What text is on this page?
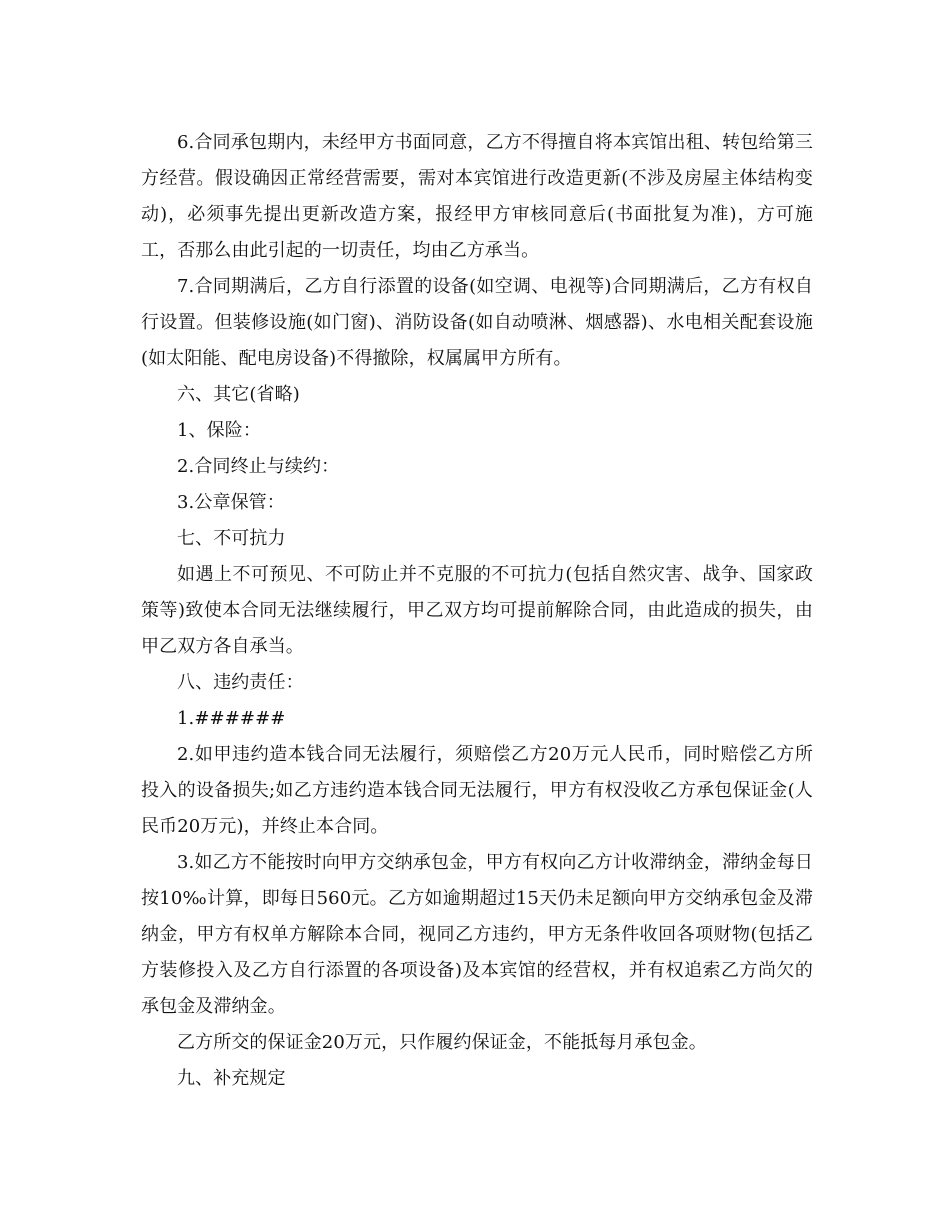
6.合同承包期内，未经甲方书面同意，乙方不得擅自将本宾馆出租、转包给第三方经营。假设确因正常经营需要，需对本宾馆进行改造更新(不涉及房屋主体结构变动)，必须事先提出更新改造方案，报经甲方审核同意后(书面批复为准)，方可施工，否那么由此引起的一切责任，均由乙方承当。

7.合同期满后，乙方自行添置的设备(如空调、电视等)合同期满后，乙方有权自行设置。但装修设施(如门窗)、消防设备(如自动喷淋、烟感器)、水电相关配套设施(如太阳能、配电房设备)不得撤除，权属属甲方所有。

六、其它(省略)

1、保险：

2.合同终止与续约：

3.公章保管：

七、不可抗力

如遇上不可预见、不可防止并不克服的不可抗力(包括自然灾害、战争、国家政策等)致使本合同无法继续履行，甲乙双方均可提前解除合同，由此造成的损失，由甲乙双方各自承当。

八、违约责任：

1.######

2.如甲违约造本钱合同无法履行，须赔偿乙方20万元人民币，同时赔偿乙方所投入的设备损失;如乙方违约造本钱合同无法履行，甲方有权没收乙方承包保证金(人民币20万元)，并终止本合同。

3.如乙方不能按时向甲方交纳承包金，甲方有权向乙方计收滞纳金，滞纳金每日按10‰计算，即每日560元。乙方如逾期超过15天仍未足额向甲方交纳承包金及滞纳金，甲方有权单方解除本合同，视同乙方违约，甲方无条件收回各项财物(包括乙方装修投入及乙方自行添置的各项设备)及本宾馆的经营权，并有权追索乙方尚欠的承包金及滞纳金。

乙方所交的保证金20万元，只作履约保证金，不能抵每月承包金。

九、补充规定
